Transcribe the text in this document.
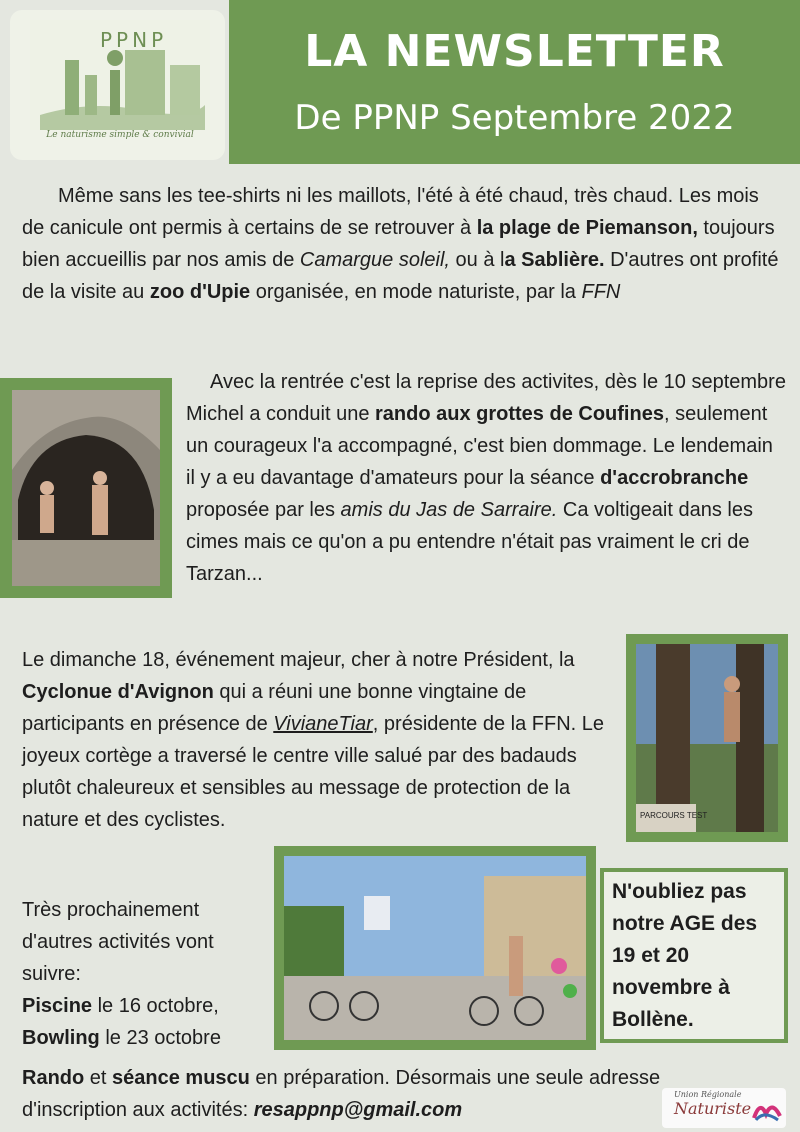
PPNP
Le naturisme simple & convivial
LA NEWSLETTER
De PPNP Septembre 2022
Même sans les tee-shirts ni les maillots, l'été à été chaud, très chaud. Les mois de canicule ont permis à certains de se retrouver à la plage de Piemanson, toujours bien accueillis par nos amis de Camargue soleil, ou à la Sablière. D'autres ont profité de la visite au zoo d'Upie organisée, en mode naturiste, par la FFN
Avec la rentrée c'est la reprise des activites, dès le 10 septembre Michel a conduit une rando aux grottes de Coufines, seulement un courageux l'a accompagné, c'est bien dommage. Le lendemain il y a eu davantage d'amateurs pour la séance d'accrobranche proposée par les amis du Jas de Sarraire. Ca voltigeait dans les cimes mais ce qu'on a pu entendre n'était pas vraiment le cri de Tarzan...
Le dimanche 18, événement majeur, cher à notre Président, la Cyclonue d'Avignon qui a réuni une bonne vingtaine de participants en présence de VivianeTiar, présidente de la FFN. Le joyeux cortège a traversé le centre ville salué par des badauds plutôt chaleureux et sensibles au message de protection de la nature et des cyclistes.	PARCOURS TEST
Très prochainement d'autres activités vont suivre:
Piscine le 16 octobre,
Bowling le 23 octobre
N'oubliez pas notre AGE des 19 et 20 novembre à Bollène.
Rando et séance muscu en préparation. Désormais une seule adresse d'inscription aux activités: resappnp@gmail.com
Union Régionale
Naturiste
